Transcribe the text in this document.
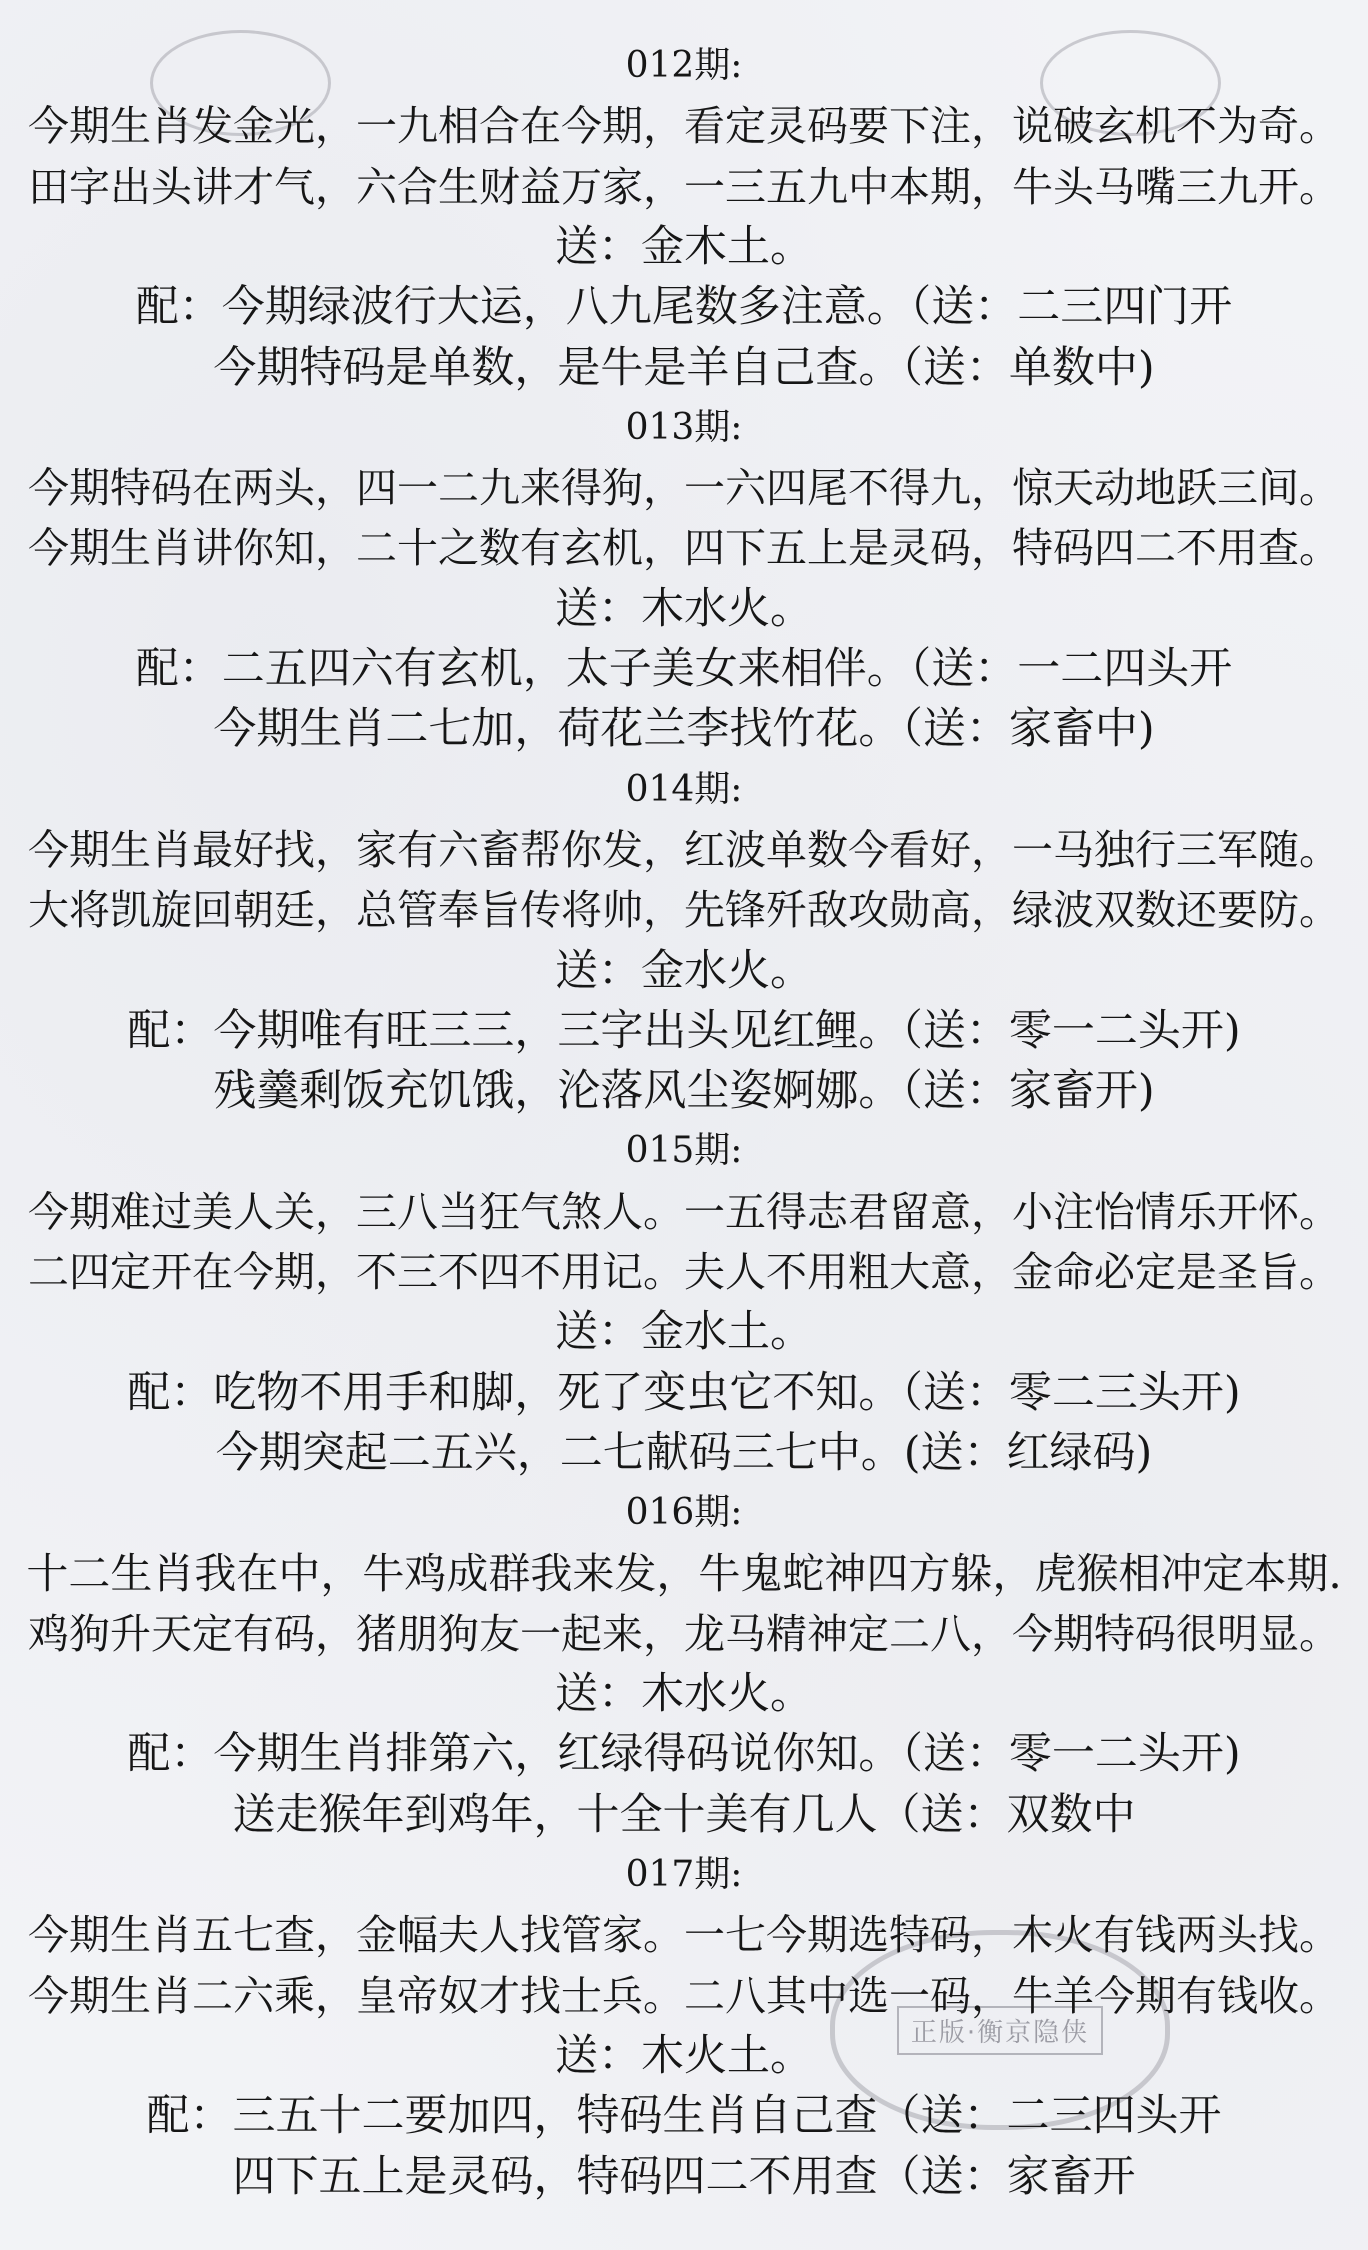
正版·衡京隐侠
012期:
今期生肖发金光，一九相合在今期，看定灵码要下注，说破玄机不为奇。
田字出头讲才气，六合生财益万家，一三五九中本期，牛头马嘴三九开。
送：金木土。
配：今期绿波行大运，八九尾数多注意。（送：二三四门开
今期特码是单数，是牛是羊自己查。（送：单数中)
013期:
今期特码在两头，四一二九来得狗，一六四尾不得九，惊天动地跃三间。
今期生肖讲你知，二十之数有玄机，四下五上是灵码，特码四二不用查。
送：木水火。
配：二五四六有玄机，太子美女来相伴。（送：一二四头开
今期生肖二七加，荷花兰李找竹花。（送：家畜中)
014期:
今期生肖最好找，家有六畜帮你发，红波单数今看好，一马独行三军随。
大将凯旋回朝廷，总管奉旨传将帅，先锋歼敌攻勋高，绿波双数还要防。
送：金水火。
配：今期唯有旺三三，三字出头见红鲤。（送：零一二头开)
残羹剩饭充饥饿，沦落风尘姿婀娜。（送：家畜开)
015期:
今期难过美人关，三八当狂气煞人。一五得志君留意，小注怡情乐开怀。
二四定开在今期，不三不四不用记。夫人不用粗大意，金命必定是圣旨。
送：金水土。
配：吃物不用手和脚，死了变虫它不知。（送：零二三头开)
今期突起二五兴，二七献码三七中。(送：红绿码)
016期:
十二生肖我在中，牛鸡成群我来发，牛鬼蛇神四方躲，虎猴相冲定本期.
鸡狗升天定有码，猪朋狗友一起来，龙马精神定二八，今期特码很明显。
送：木水火。
配：今期生肖排第六，红绿得码说你知。（送：零一二头开)
送走猴年到鸡年，十全十美有几人（送：双数中
017期:
今期生肖五七查，金幅夫人找管家。一七今期选特码，木火有钱两头找。
今期生肖二六乘，皇帝奴才找士兵。二八其中选一码，牛羊今期有钱收。
送：木火土。
配：三五十二要加四，特码生肖自己查（送：二三四头开
四下五上是灵码，特码四二不用查（送：家畜开
